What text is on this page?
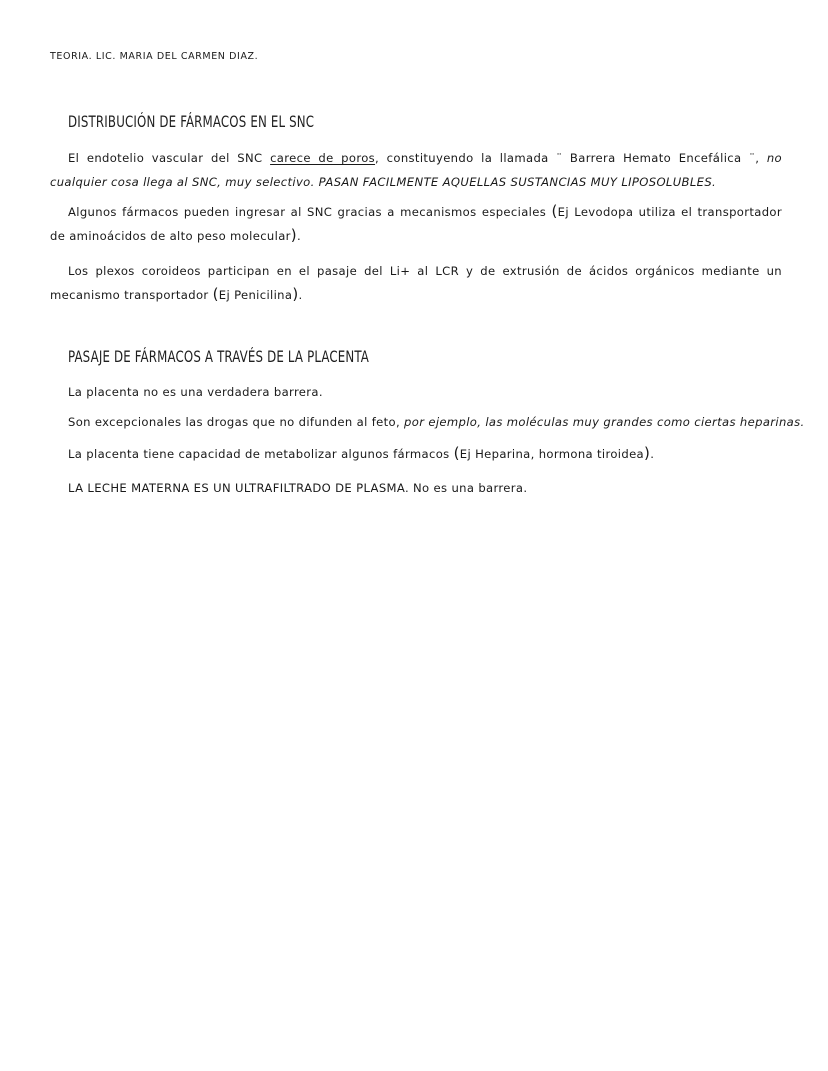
TEORIA. LIC. MARIA DEL CARMEN DIAZ.
DISTRIBUCIÓN DE FÁRMACOS EN EL SNC

El endotelio vascular del SNC carece de poros, constituyendo la llamada ¨ Barrera Hemato Encefálica ¨, no cualquier cosa llega al SNC, muy selectivo. PASAN FACILMENTE AQUELLAS SUSTANCIAS MUY LIPOSOLUBLES.

Algunos fármacos pueden ingresar al SNC gracias a mecanismos especiales (Ej Levodopa utiliza el transportador de aminoácidos de alto peso molecular).

Los plexos coroideos participan en el pasaje del Li+ al LCR y de extrusión de ácidos orgánicos mediante un mecanismo transportador (Ej Penicilina).

PASAJE DE FÁRMACOS A TRAVÉS DE LA PLACENTA

La placenta no es una verdadera barrera.

Son excepcionales las drogas que no difunden al feto, por ejemplo, las moléculas muy grandes como ciertas heparinas.

La placenta tiene capacidad de metabolizar algunos fármacos (Ej Heparina, hormona tiroidea).

LA LECHE MATERNA ES UN ULTRAFILTRADO DE PLASMA. No es una barrera.
